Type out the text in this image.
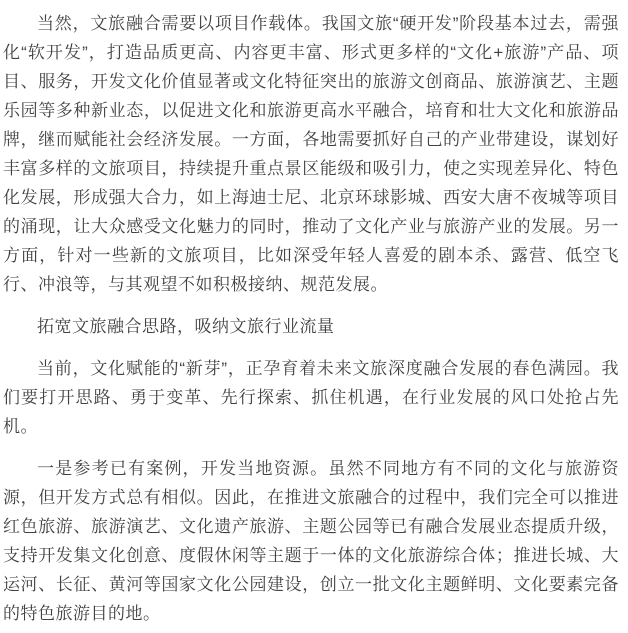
当然，文旅融合需要以项目作载体。我国文旅“硬开发”阶段基本过去，需强化“软开发”，打造品质更高、内容更丰富、形式更多样的“文化+旅游”产品、项目、服务，开发文化价值显著或文化特征突出的旅游文创商品、旅游演艺、主题乐园等多种新业态，以促进文化和旅游更高水平融合，培育和壮大文化和旅游品牌，继而赋能社会经济发展。一方面，各地需要抓好自己的产业带建设，谋划好丰富多样的文旅项目，持续提升重点景区能级和吸引力，使之实现差异化、特色化发展，形成强大合力，如上海迪士尼、北京环球影城、西安大唐不夜城等项目的涌现，让大众感受文化魅力的同时，推动了文化产业与旅游产业的发展。另一方面，针对一些新的文旅项目，比如深受年轻人喜爱的剧本杀、露营、低空飞行、冲浪等，与其观望不如积极接纳、规范发展。

拓宽文旅融合思路，吸纳文旅行业流量

当前，文化赋能的“新芽”，正孕育着未来文旅深度融合发展的春色满园。我们要打开思路、勇于变革、先行探索、抓住机遇，在行业发展的风口处抢占先机。

一是参考已有案例，开发当地资源。虽然不同地方有不同的文化与旅游资源，但开发方式总有相似。因此，在推进文旅融合的过程中，我们完全可以推进红色旅游、旅游演艺、文化遗产旅游、主题公园等已有融合发展业态提质升级，支持开发集文化创意、度假休闲等主题于一体的文化旅游综合体；推进长城、大运河、长征、黄河等国家文化公园建设，创立一批文化主题鲜明、文化要素完备的特色旅游目的地。
